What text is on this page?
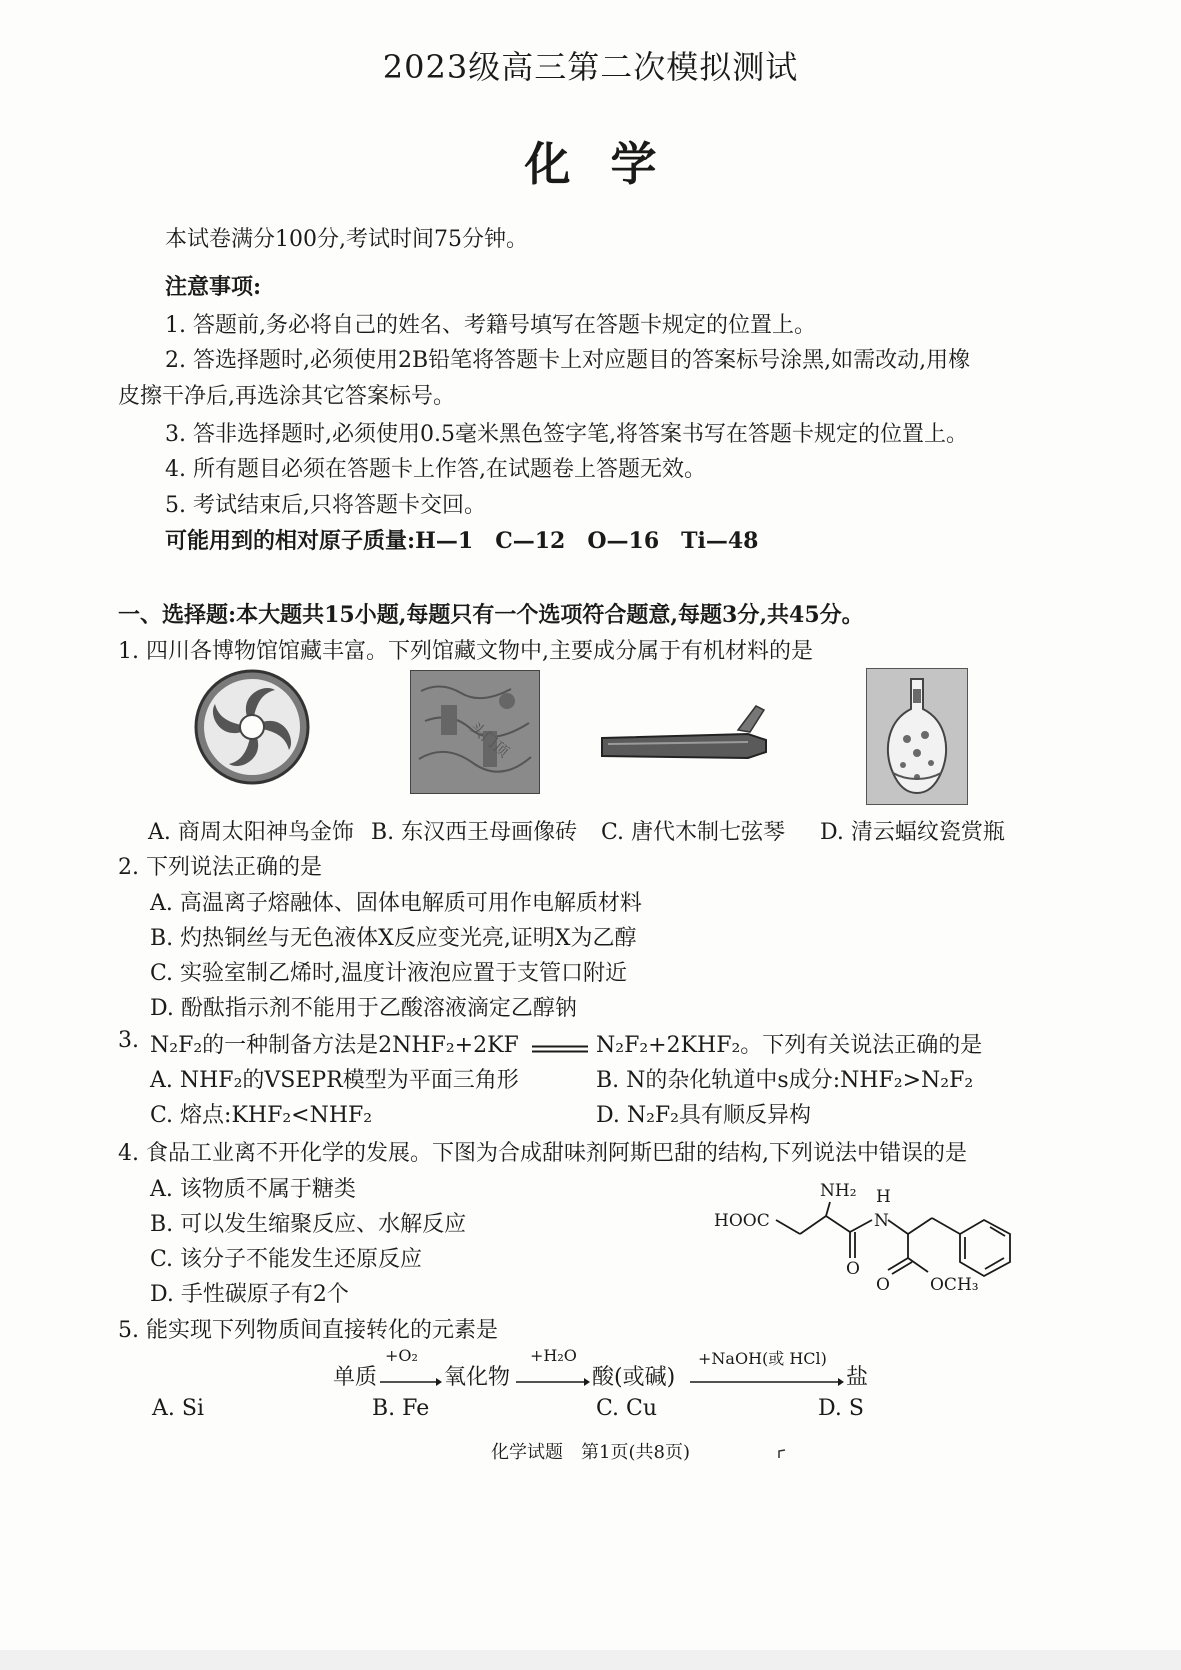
2023级高三第二次模拟测试
化学
本试卷满分100分,考试时间75分钟。
注意事项:
1. 答题前,务必将自己的姓名、考籍号填写在答题卡规定的位置上。
2. 答选择题时,必须使用2B铅笔将答题卡上对应题目的答案标号涂黑,如需改动,用橡
皮擦干净后,再选涂其它答案标号。
3. 答非选择题时,必须使用0.5毫米黑色签字笔,将答案书写在答题卡规定的位置上。
4. 所有题目必须在答题卡上作答,在试题卷上答题无效。
5. 考试结束后,只将答题卡交回。
可能用到的相对原子质量:H—1　C—12　O—16　Ti—48
一、选择题:本大题共15小题,每题只有一个选项符合题意,每题3分,共45分。
1. 四川各博物馆馆藏丰富。下列馆藏文物中,主要成分属于有机材料的是
头门顶
A. 商周太阳神鸟金饰 B. 东汉西王母画像砖 C. 唐代木制七弦琴 D. 清云蝠纹瓷赏瓶
2. 下列说法正确的是
A. 高温离子熔融体、固体电解质可用作电解质材料
B. 灼热铜丝与无色液体X反应变光亮,证明X为乙醇
C. 实验室制乙烯时,温度计液泡应置于支管口附近
D. 酚酞指示剂不能用于乙酸溶液滴定乙醇钠
3. N₂F₂的一种制备方法是2NHF₂+2KF	N₂F₂+2KHF₂。下列有关说法正确的是
A. NHF₂的VSEPR模型为平面三角形	B. N的杂化轨道中s成分:NHF₂>N₂F₂
C. 熔点:KHF₂<NHF₂	D. N₂F₂具有顺反异构
4. 食品工业离不开化学的发展。下图为合成甜味剂阿斯巴甜的结构,下列说法中错误的是
A. 该物质不属于糖类
B. 可以发生缩聚反应、水解反应
C. 该分子不能发生还原反应
D. 手性碳原子有2个
NH₂ H
N
HOOC
O
O OCH₃
5. 能实现下列物质间直接转化的元素是
单质
+O₂
氧化物
+H₂O
酸(或碱)
+NaOH(或 HCl)
盐
A. Si	B. Fe	C. Cu	D. S
化学试题　第1页(共8页)
